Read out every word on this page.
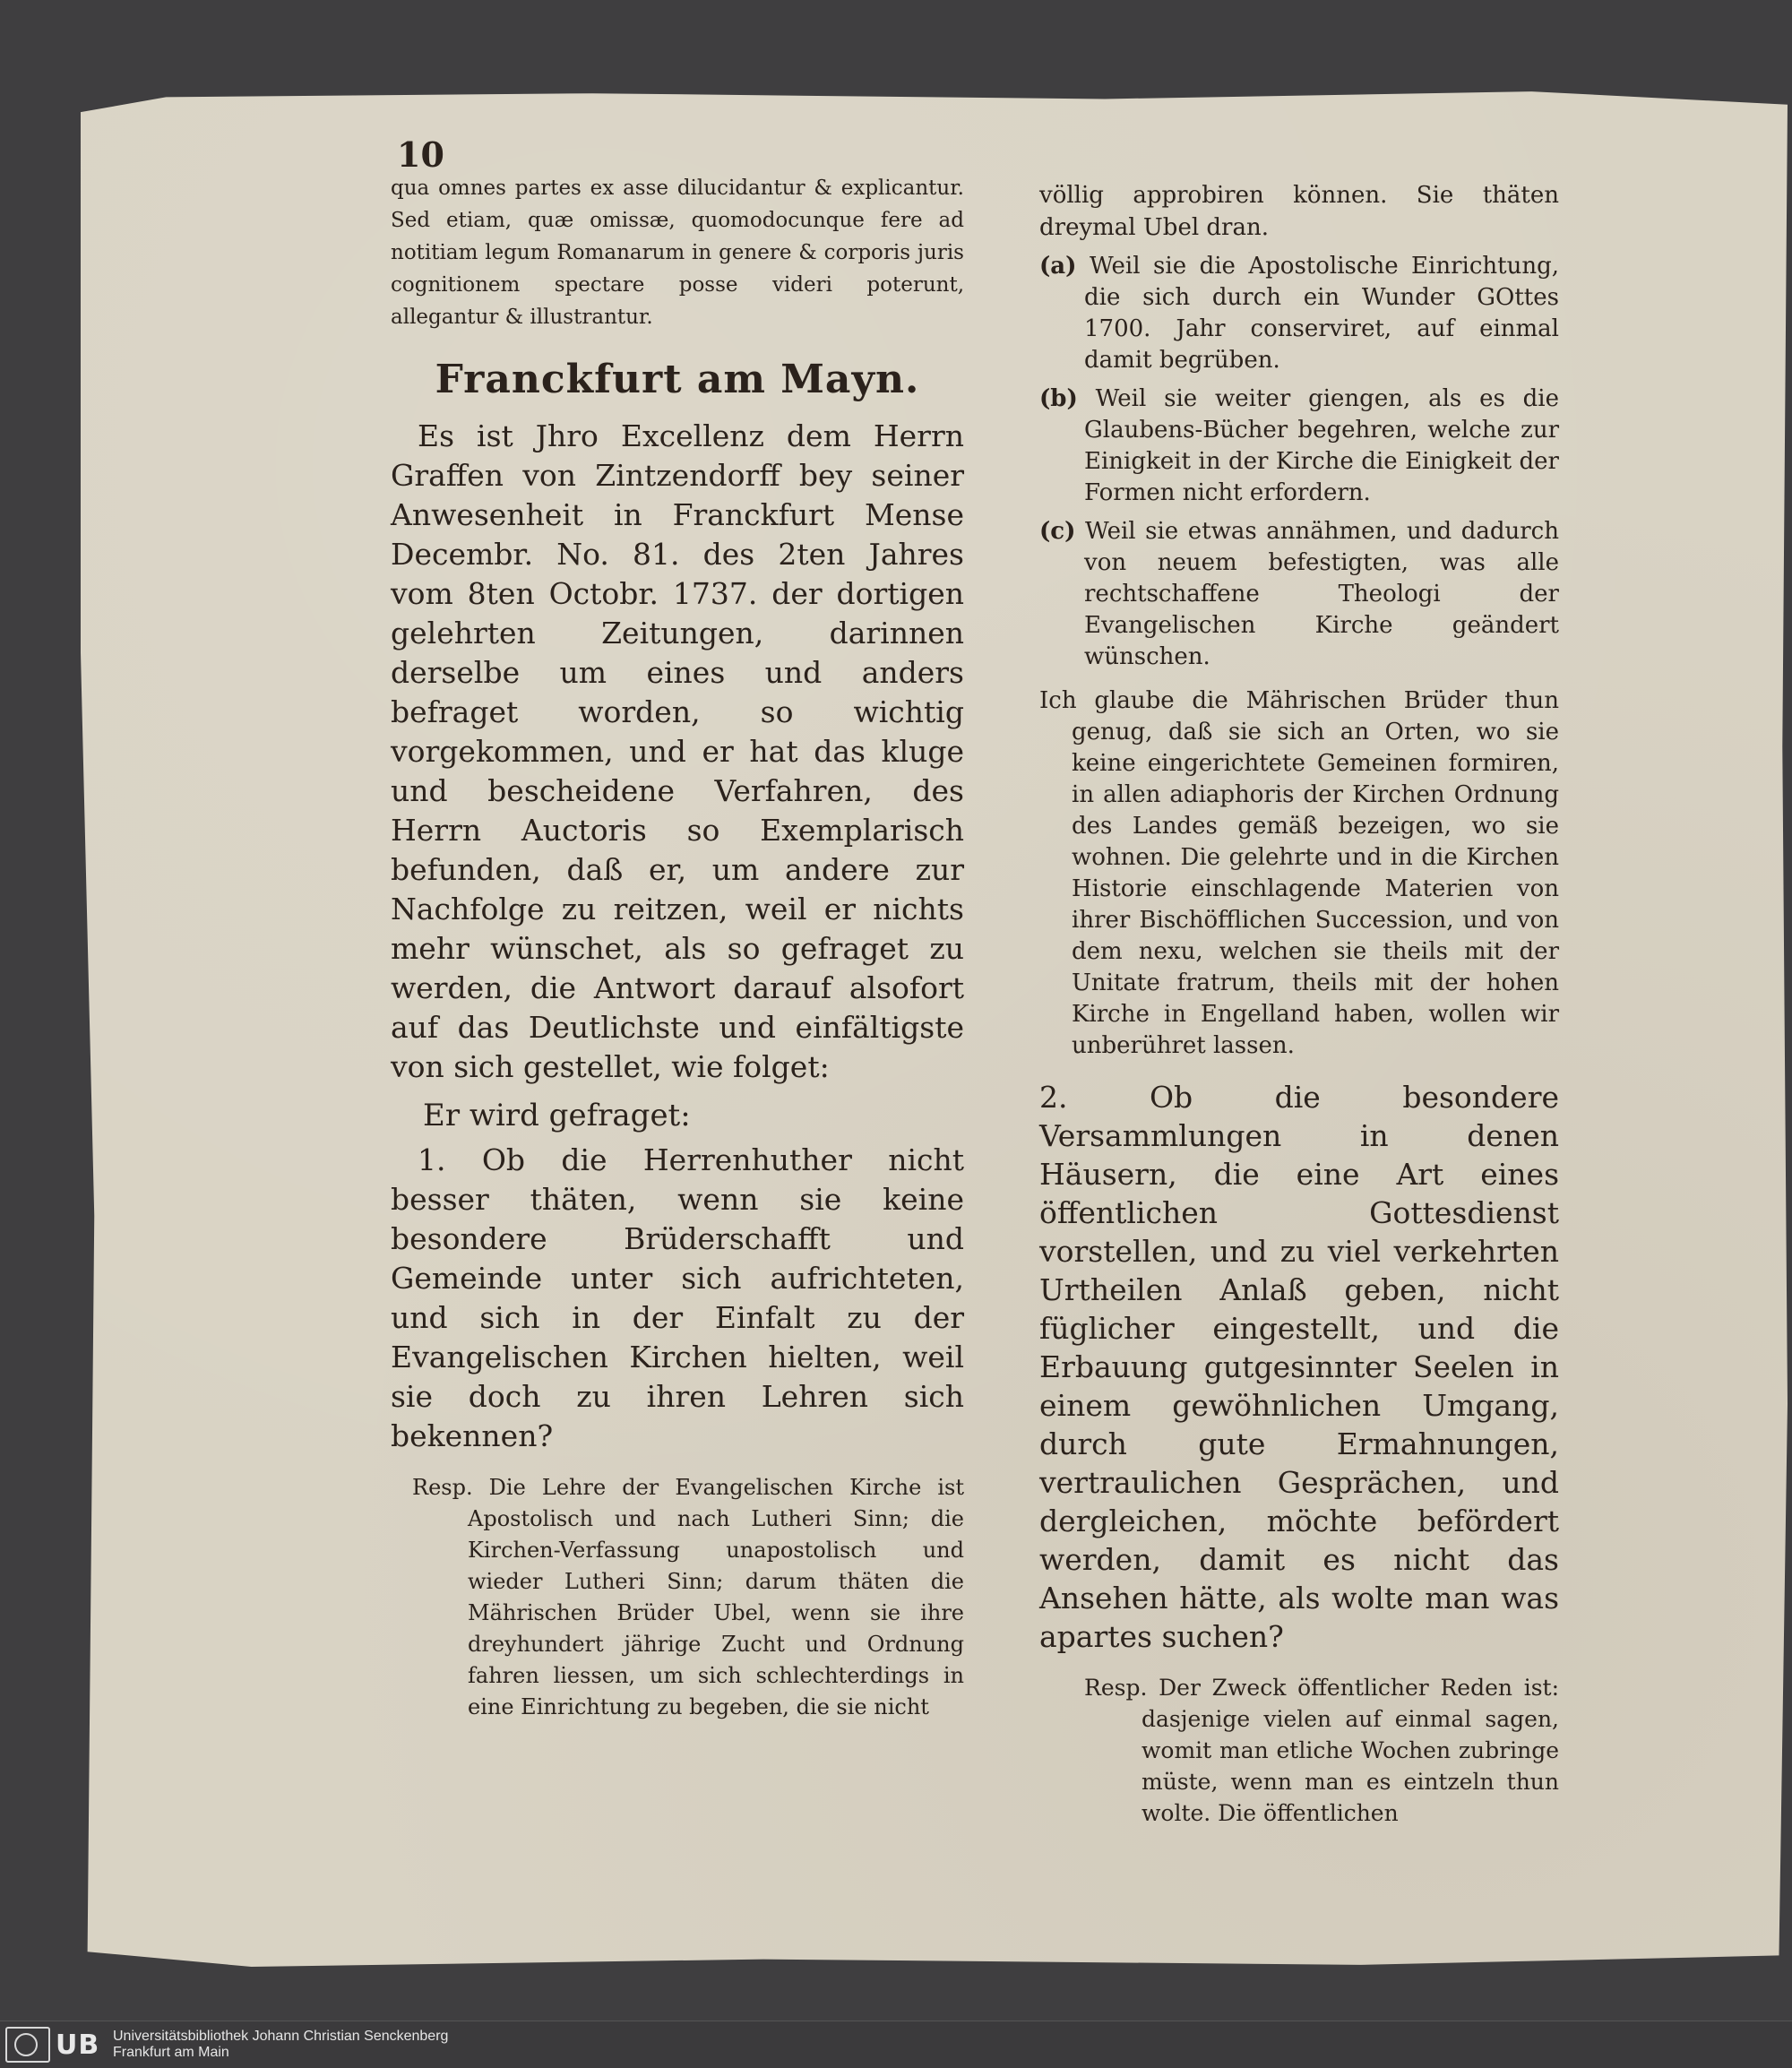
10

qua omnes partes ex asse dilucidantur & explicantur. Sed etiam, quæ omissæ, quomodocunque fere ad notitiam legum Romanarum in genere & corporis juris cognitionem spectare posse videri poterunt, allegantur & illustrantur.

Franckfurt am Mayn.

Es ist Jhro Excellenz dem Herrn Graffen von Zintzendorff bey seiner Anwesenheit in Franckfurt Mense Decembr. No. 81. des 2ten Jahres vom 8ten Octobr. 1737. der dortigen gelehrten Zeitungen, darinnen derselbe um eines und anders befraget worden, so wichtig vorgekommen, und er hat das kluge und bescheidene Verfahren, des Herrn Auctoris so Exemplarisch befunden, daß er, um andere zur Nachfolge zu reitzen, weil er nichts mehr wünschet, als so gefraget zu werden, die Antwort darauf alsofort auf das Deutlichste und einfältigste von sich gestellet, wie folget:

Er wird gefraget:

1. Ob die Herrenhuther nicht besser thäten, wenn sie keine besondere Brüderschafft und Gemeinde unter sich aufrichteten, und sich in der Einfalt zu der Evangelischen Kirchen hielten, weil sie doch zu ihren Lehren sich bekennen?

Resp. Die Lehre der Evangelischen Kirche ist Apostolisch und nach Lutheri Sinn; die Kirchen-Verfassung unapostolisch und wieder Lutheri Sinn; darum thäten die Mährischen Brüder Ubel, wenn sie ihre dreyhundert jährige Zucht und Ordnung fahren liessen, um sich schlechterdings in eine Einrichtung zu begeben, die sie nicht

völlig approbiren können. Sie thäten dreymal Ubel dran.

(a) Weil sie die Apostolische Einrichtung, die sich durch ein Wunder GOttes 1700. Jahr conserviret, auf einmal damit begrüben.

(b) Weil sie weiter giengen, als es die Glaubens-Bücher begehren, welche zur Einigkeit in der Kirche die Einigkeit der Formen nicht erfordern.

(c) Weil sie etwas annähmen, und dadurch von neuem befestigten, was alle rechtschaffene Theologi der Evangelischen Kirche geändert wünschen.

Ich glaube die Mährischen Brüder thun genug, daß sie sich an Orten, wo sie keine eingerichtete Gemeinen formiren, in allen adiaphoris der Kirchen Ordnung des Landes gemäß bezeigen, wo sie wohnen. Die gelehrte und in die Kirchen Historie einschlagende Materien von ihrer Bischöfflichen Succession, und von dem nexu, welchen sie theils mit der Unitate fratrum, theils mit der hohen Kirche in Engelland haben, wollen wir unberühret lassen.

2. Ob die besondere Versammlungen in denen Häusern, die eine Art eines öffentlichen Gottesdienst vorstellen, und zu viel verkehrten Urtheilen Anlaß geben, nicht füglicher eingestellt, und die Erbauung gutgesinnter Seelen in einem gewöhnlichen Umgang, durch gute Ermahnungen, vertraulichen Gesprächen, und dergleichen, möchte befördert werden, damit es nicht das Ansehen hätte, als wolte man was apartes suchen?

Resp. Der Zweck öffentlicher Reden ist: dasjenige vielen auf einmal sagen, womit man etliche Wochen zubringe müste, wenn man es eintzeln thun wolte. Die öffentlichen

UB Universitätsbibliothek Johann Christian Senckenberg
Frankfurt am Main
